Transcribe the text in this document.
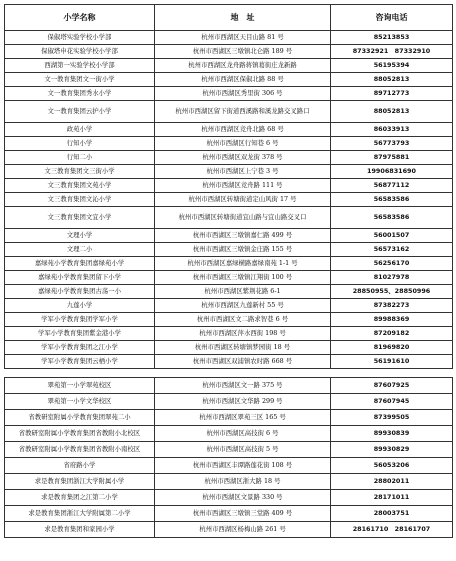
小学名称	地　址	咨询电话
保俶塔实验学校小学部	杭州市西湖区天目山路 81 号	85213853
保俶塔申花实验学校小学部	杭州市西湖区三墩镇北仑路 189 号	87332921　87332910
西湖第一实验学校小学部	杭州市西湖区龙舟路蒋镇葛街庄龙新路	56195394
文一教育集团文一街小学	杭州市西湖区保俶北路 88 号	88052813
文一教育集团秀水小学	杭州市西湖区秀里街 306 号	89712773
文一教育集团云护小学	杭州市西湖区留下街道西溪路和溪龙路交叉路口	88052813
政苑小学	杭州市西湖区竞舟北路 68 号	86033913
行知小学	杭州市西湖区行知巷 6 号	56773793
行知二小	杭州市西湖区双龙街 378 号	87975881
文三教育集团文三街小学	杭州市西湖区上宁巷 3 号	19906831690
文三教育集团文苑小学	杭州市西湖区竞舟路 111 号	56877112
文三教育集团文沁小学	杭州市西湖区转塘街道定山风街 17 号	56583586
文三教育集团文宜小学	杭州市西湖区转塘街道宜山路与宜山路交叉口	56583586
文理小学	杭州市西湖区三墩镇嘉仁路 499 号	56001507
文理二小	杭州市西湖区三墩镇金庄路 155 号	56573162
嘉绿苑小学教育集团嘉绿苑小学	杭州市西湖区嘉绿横路嘉绿南苑 1-1 号	56256170
嘉绿苑小学教育集团留下小学	杭州市西湖区三墩镇江翔街 100 号	81027978
嘉绿苑小学教育集团古荡一小	杭州市西湖区紫荆花路 6-1	28850955、28850996
九莲小学	杭州市西湖区九莲新村 55 号	87382273
学军小学教育集团学军小学	杭州市西湖区文二路求智巷 6 号	89988369
学军小学教育集团紫金港小学	杭州市西湖区萍水西街 198 号	87209182
学军小学教育集团之江小学	杭州市西湖区转塘镇梦园街 18 号	81969820
学军小学教育集团云栖小学	杭州市西湖区双浦镇农时路 668 号	56191610
翠苑第一小学翠苑校区	杭州市西湖区文一路 375 号	87607925
翠苑第一小学文华校区	杭州市西湖区文华路 299 号	87607945
省教研室附属小学教育集团翠苑二小	杭州市西湖区翠苑三区 165 号	87399505
省教研室附属小学教育集团省教附小北校区	杭州市西湖区高技街 6 号	89930839
省教研室附属小学教育集团省教附小南校区	杭州市西湖区高技街 5 号	89930829
省府路小学	杭州市西湖区丰谭路莲花街 108 号	56053206
求是教育集团浙江大学附属小学	杭州市西湖区浙大路 18 号	28802011
求是教育集团之江第二小学	杭州市西湖区文景路 330 号	28171011
求是教育集团浙江大学附属第二小学	杭州市西湖区三墩镇三堂路 409 号	28003751
求是教育集团和家园小学	杭州市西湖区杨梅山路 261 号	28161710　28161707
